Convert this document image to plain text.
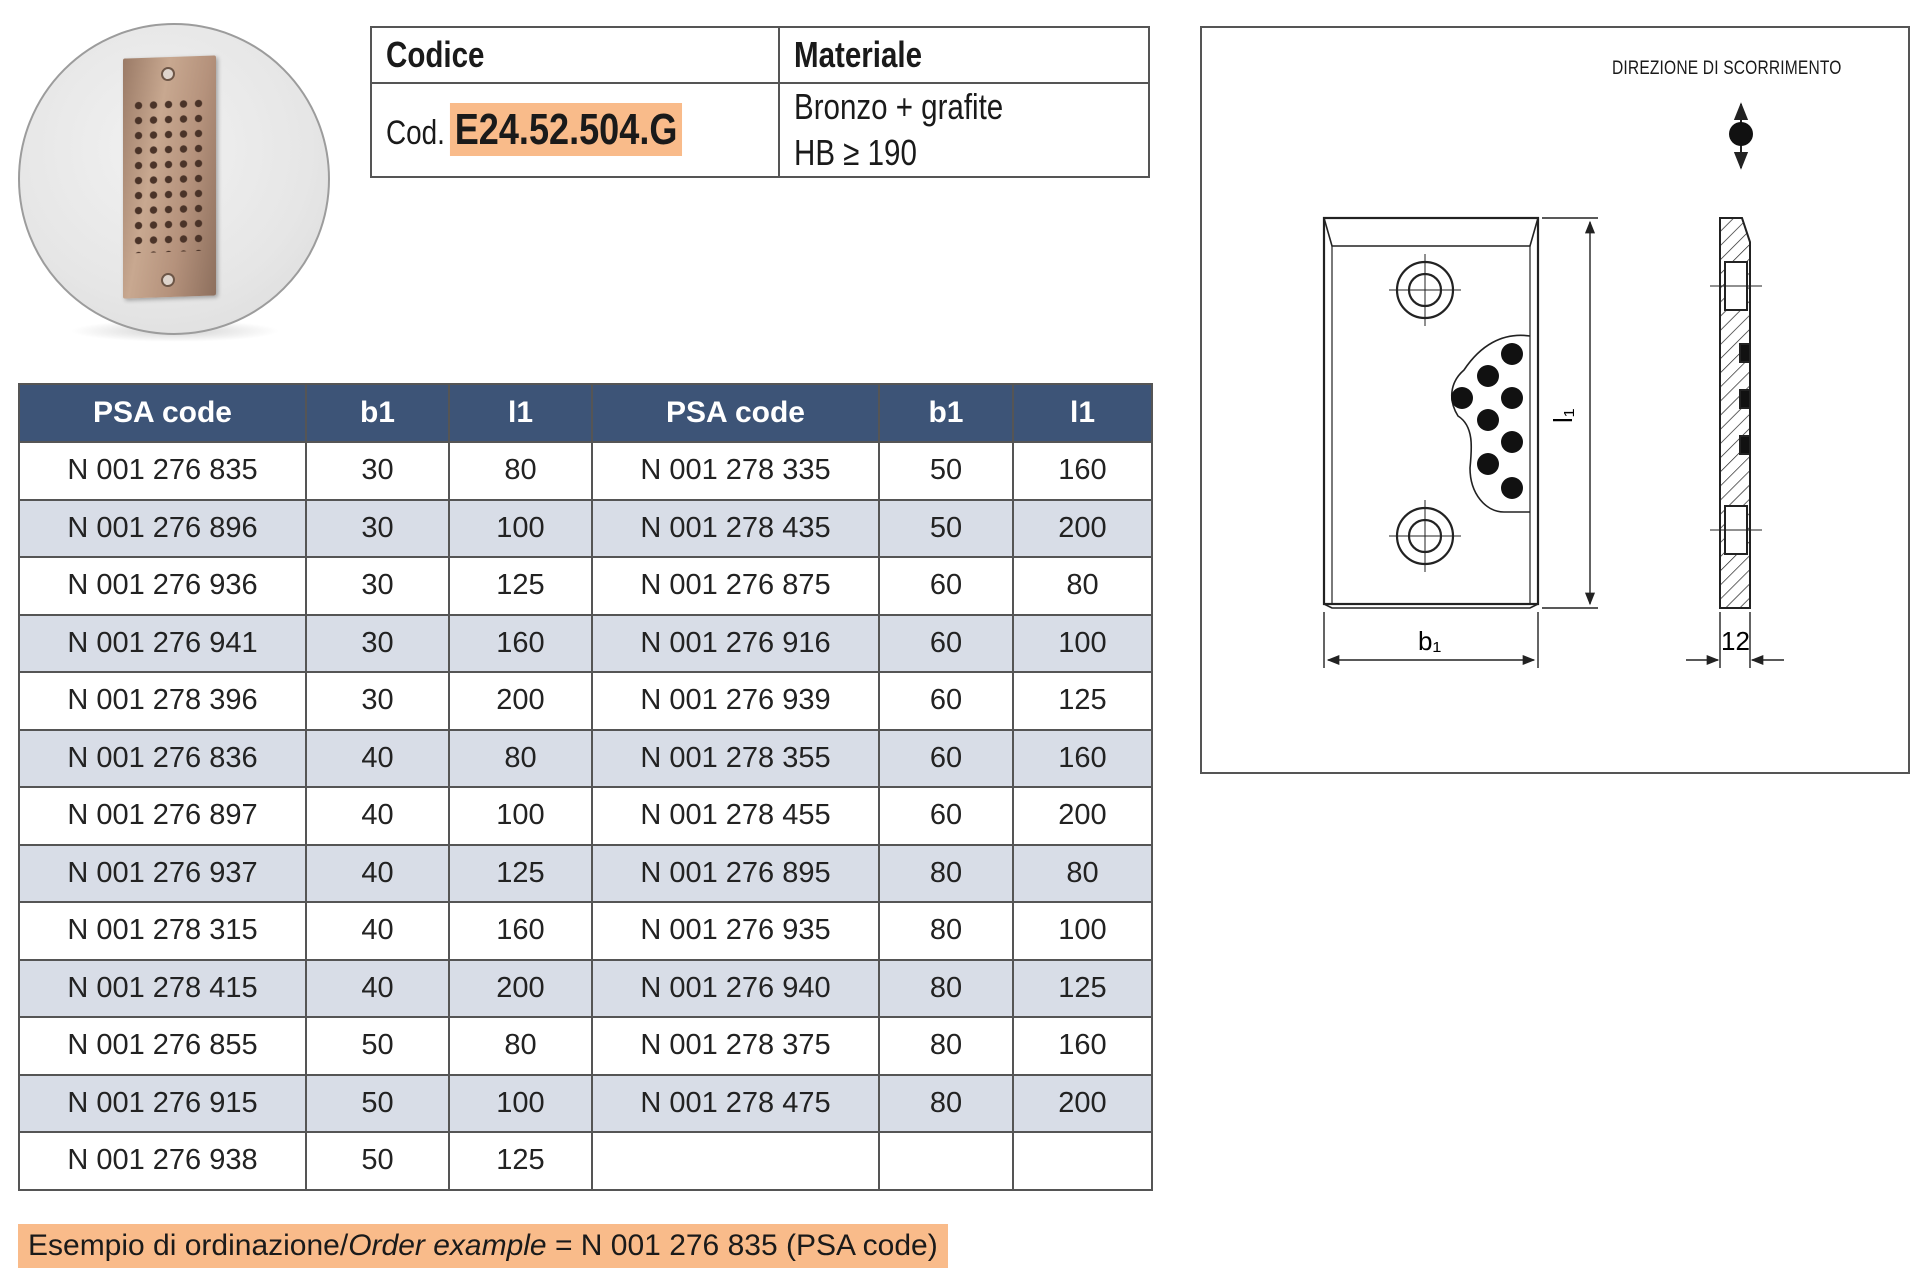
Codice	Materiale
Cod. E24.52.504.G	Bronzo + grafite
HB ≥ 190
DIREZIONE DI SCORRIMENTO
l₁
b₁	12
PSA code	b1	l1	PSA code	b1	l1
N 001 276 835	30	80	N 001 278 335	50	160
N 001 276 896	30	100	N 001 278 435	50	200
N 001 276 936	30	125	N 001 276 875	60	80
N 001 276 941	30	160	N 001 276 916	60	100
N 001 278 396	30	200	N 001 276 939	60	125
N 001 276 836	40	80	N 001 278 355	60	160
N 001 276 897	40	100	N 001 278 455	60	200
N 001 276 937	40	125	N 001 276 895	80	80
N 001 278 315	40	160	N 001 276 935	80	100
N 001 278 415	40	200	N 001 276 940	80	125
N 001 276 855	50	80	N 001 278 375	80	160
N 001 276 915	50	100	N 001 278 475	80	200
N 001 276 938	50	125			
Esempio di ordinazione/Order example = N 001 276 835 (PSA code)
